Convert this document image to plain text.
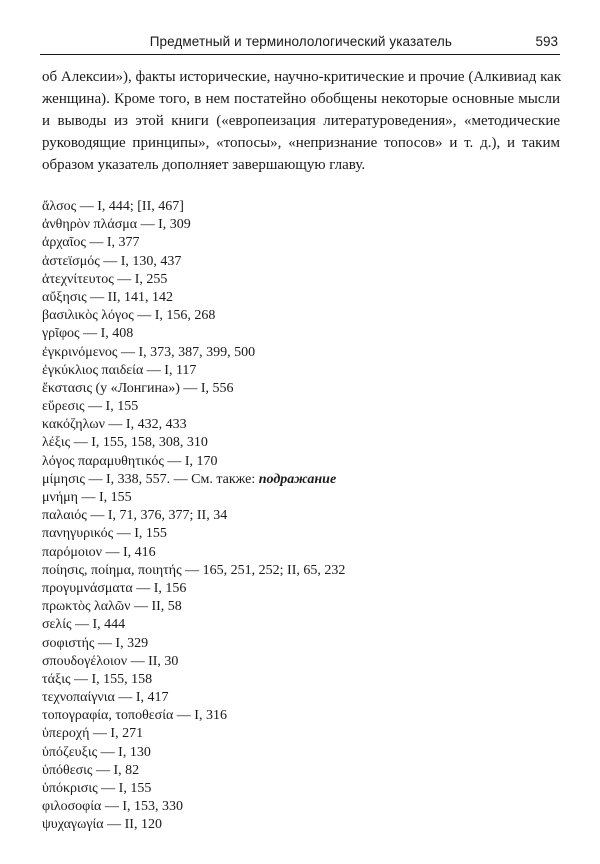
Предметный и терминолологический указатель	593

об Алексии»), факты исторические, научно-критические и прочие (Алкивиад как
женщина). Кроме того, в нем постатейно обобщены некоторые основные мысли
и выводы из этой книги («европеизация литературоведения», «методические
руководящие принципы», «топосы», «непризнание топосов» и т. д.), и таким
образом указатель дополняет завершающую главу.

ἄλσος — I, 444; [II, 467]
ἀνθηρὸν πλάσμα — I, 309
ἀρχαῖος — I, 377
ἀστεϊσμός — I, 130, 437
ἀτεχνίτευτος — I, 255
αὔξησις — II, 141, 142
βασιλικὸς λόγος — I, 156, 268
γρῖφος — I, 408
ἐγκρινόμενος — I, 373, 387, 399, 500
ἐγκύκλιος παιδεία — I, 117
ἔκστασις (у «Лонгина») — I, 556
εὕρεσις — I, 155
κακόζηλων — I, 432, 433
λέξις — I, 155, 158, 308, 310
λόγος παραμυθητικός — I, 170
μίμησις — I, 338, 557. — См. также: подражание
μνήμη — I, 155
παλαιός — I, 71, 376, 377; II, 34
πανηγυρικός — I, 155
παρόμοιον — I, 416
ποίησις, ποίημα, ποιητής — 165, 251, 252; II, 65, 232
προγυμνάσματα — I, 156
πρωκτὸς λαλῶν — II, 58
σελίς — I, 444
σοφιστής — I, 329
σπουδογέλοιον — II, 30
τάξις — I, 155, 158
τεχνοπαίγνια — I, 417
τοπογραφία, τοποθεσία — I, 316
ὑπεροχή — I, 271
ὑπόζευξις — I, 130
ὑπόθεσις — I, 82
ὑπόκρισις — I, 155
φιλοσοφία — I, 153, 330
ψυχαγωγία — II, 120
